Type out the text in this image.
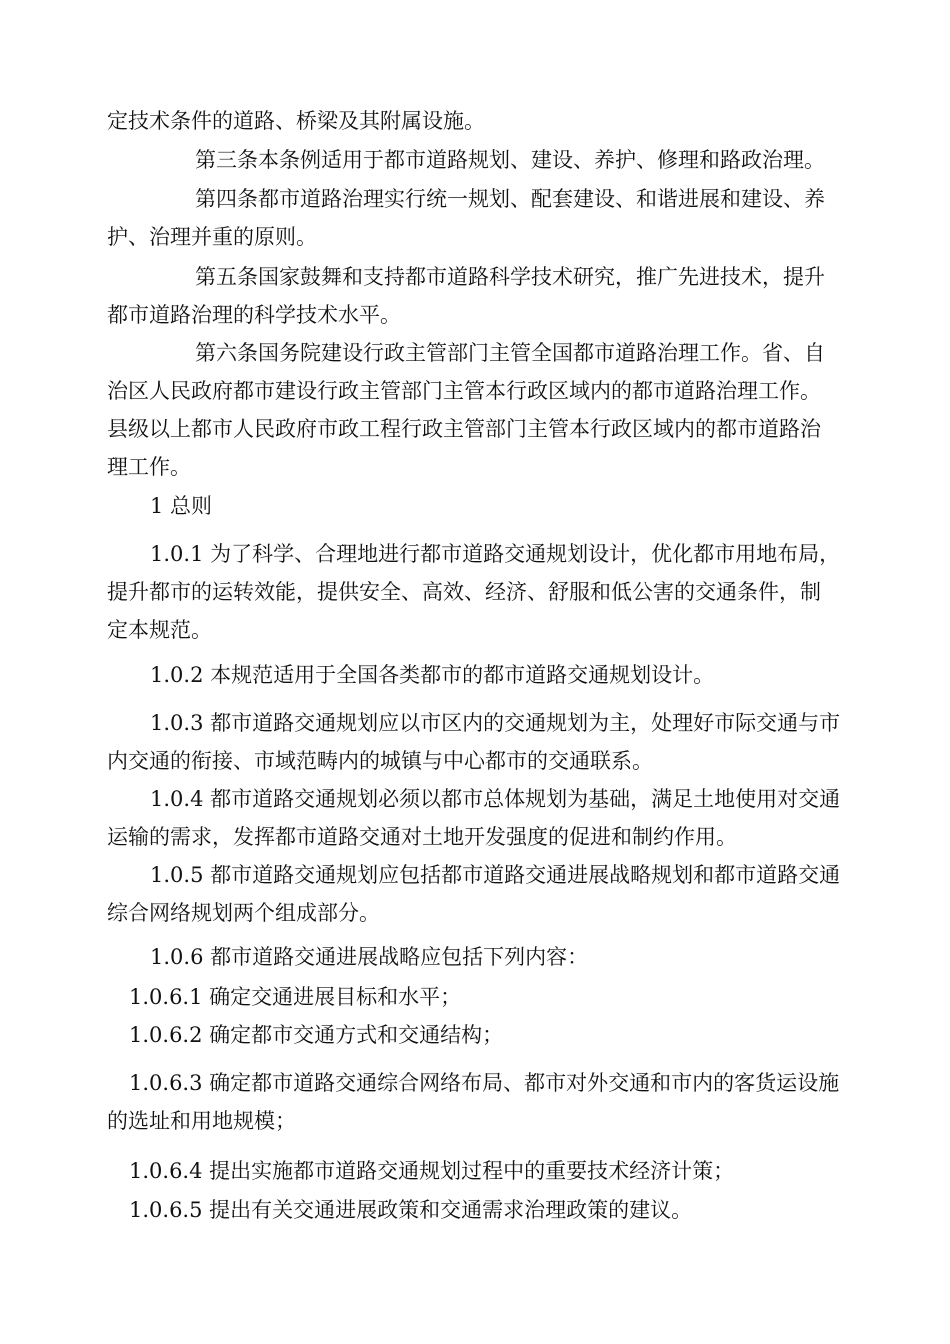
定技术条件的道路、桥梁及其附属设施。
第三条本条例适用于都市道路规划、建设、养护、修理和路政治理。
第四条都市道路治理实行统一规划、配套建设、和谐进展和建设、养
护、治理并重的原则。
第五条国家鼓舞和支持都市道路科学技术研究，推广先进技术，提升
都市道路治理的科学技术水平。
第六条国务院建设行政主管部门主管全国都市道路治理工作。省、自
治区人民政府都市建设行政主管部门主管本行政区域内的都市道路治理工作。
县级以上都市人民政府市政工程行政主管部门主管本行政区域内的都市道路治
理工作。
1 总则
1.0.1 为了科学、合理地进行都市道路交通规划设计，优化都市用地布局，
提升都市的运转效能，提供安全、高效、经济、舒服和低公害的交通条件，制
定本规范。
1.0.2 本规范适用于全国各类都市的都市道路交通规划设计。
1.0.3 都市道路交通规划应以市区内的交通规划为主，处理好市际交通与市
内交通的衔接、市域范畴内的城镇与中心都市的交通联系。
1.0.4 都市道路交通规划必须以都市总体规划为基础，满足土地使用对交通
运输的需求，发挥都市道路交通对土地开发强度的促进和制约作用。
1.0.5 都市道路交通规划应包括都市道路交通进展战略规划和都市道路交通
综合网络规划两个组成部分。
1.0.6 都市道路交通进展战略应包括下列内容：
1.0.6.1 确定交通进展目标和水平；
1.0.6.2 确定都市交通方式和交通结构；
1.0.6.3 确定都市道路交通综合网络布局、都市对外交通和市内的客货运设施
的选址和用地规模；
1.0.6.4 提出实施都市道路交通规划过程中的重要技术经济计策；
1.0.6.5 提出有关交通进展政策和交通需求治理政策的建议。
